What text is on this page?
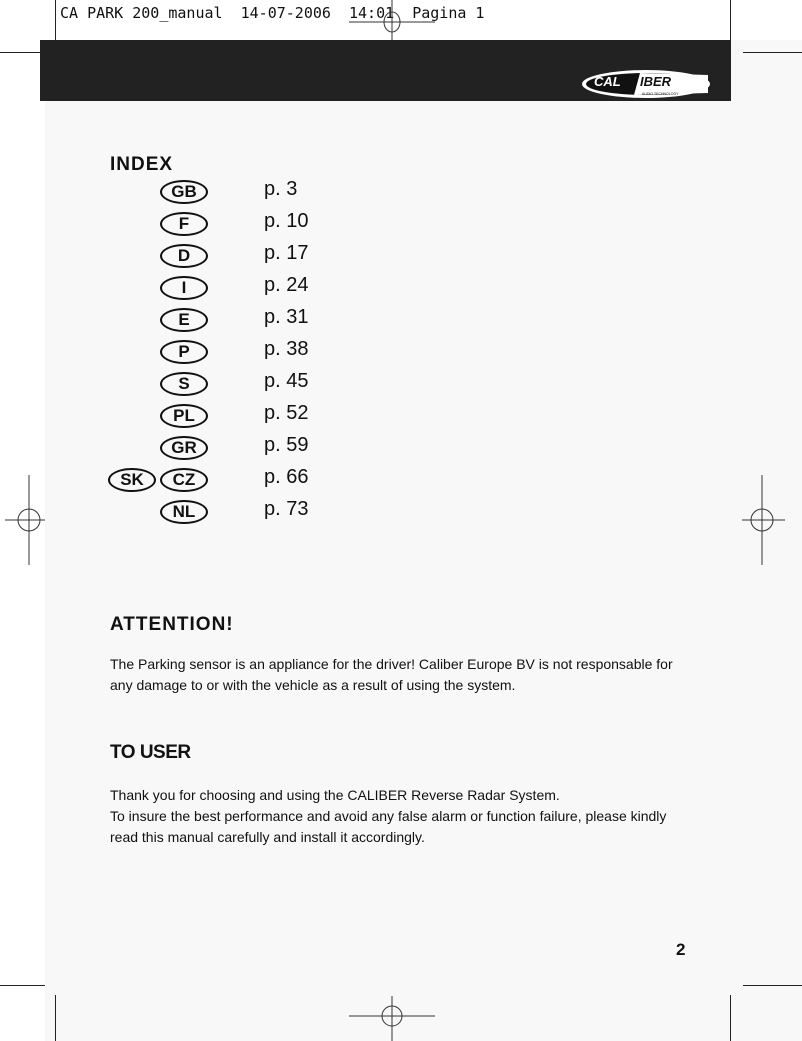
CA PARK 200_manual  14-07-2006  14:01  Pagina 1
CAL IBER
AUDIO TECHNOLOGY
INDEX
GB	p. 3
F	p. 10
D	p. 17
I	p. 24
E	p. 31
P	p. 38
S	p. 45
PL	p. 52
GR	p. 59
SK	CZ	p. 66
NL	p. 73
ATTENTION!
The Parking sensor is an appliance for the driver! Caliber Europe BV is not responsable for any damage to or with the vehicle as a result of using the system.
TO USER
Thank you for choosing and using the CALIBER Reverse Radar System.
To insure the best performance and avoid any false alarm or function failure, please kindly read this manual carefully and install it accordingly.
2
